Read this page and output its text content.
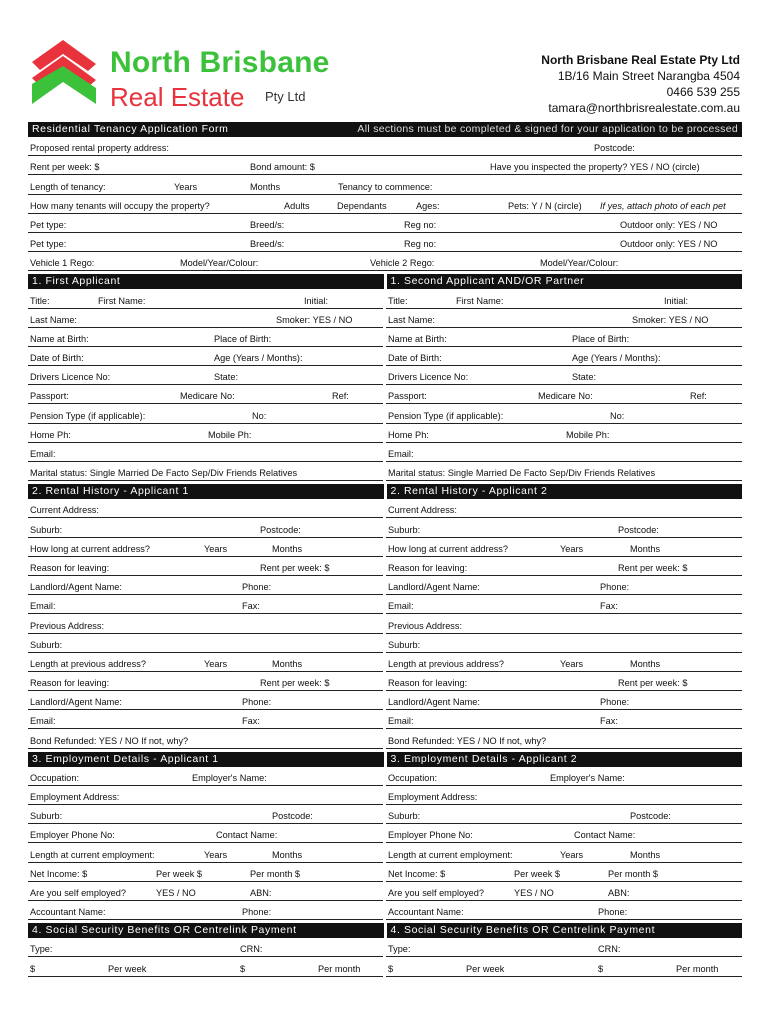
North Brisbane
Real Estate Pty Ltd
North Brisbane Real Estate Pty Ltd
1B/16 Main Street Narangba 4504
0466 539 255
tamara@northbrisrealestate.com.au
Residential Tenancy Application Form	All sections must be completed & signed for your application to be processed
Proposed rental property address:	Postcode:
Rent per week: $	Bond amount: $	Have you inspected the property? YES / NO (circle)
Length of tenancy:	Years	Months	Tenancy to commence:
How many tenants will occupy the property?	Adults	Dependants	Ages:	Pets: Y / N (circle) If yes, attach photo of each pet
Pet type:	Breed/s:	Reg no:	Outdoor only: YES / NO
Pet type:	Breed/s:	Reg no:	Outdoor only: YES / NO
Vehicle 1 Rego:	Model/Year/Colour:	Vehicle 2 Rego:	Model/Year/Colour:
1. First Applicant	1. Second Applicant AND/OR Partner
Title:	First Name:	Initial:
Last Name:	Smoker: YES / NO
Name at Birth:	Place of Birth:
Date of Birth:	Age (Years / Months):
Drivers Licence No:	State:
Passport:	Medicare No:	Ref:
Pension Type (if applicable):	No:
Home Ph:	Mobile Ph:
Email:
Marital status: Single Married De Facto Sep/Div Friends Relatives
Title:	First Name:	Initial:
Last Name:	Smoker: YES / NO
Name at Birth:	Place of Birth:
Date of Birth:	Age (Years / Months):
Drivers Licence No:	State:
Passport:	Medicare No:	Ref:
Pension Type (if applicable):	No:
Home Ph:	Mobile Ph:
Email:
Marital status: Single Married De Facto Sep/Div Friends Relatives
2. Rental History - Applicant 1	2. Rental History - Applicant 2
Current Address:
Suburb:	Postcode:
How long at current address?	Years	Months
Reason for leaving:	Rent per week: $
Landlord/Agent Name:	Phone:
Email:	Fax:
Previous Address:
Suburb:
Length at previous address?	Years	Months
Reason for leaving:	Rent per week: $
Landlord/Agent Name:	Phone:
Email:	Fax:
Bond Refunded: YES / NO If not, why?
Current Address:
Suburb:	Postcode:
How long at current address?	Years	Months
Reason for leaving:	Rent per week: $
Landlord/Agent Name:	Phone:
Email:	Fax:
Previous Address:
Suburb:
Length at previous address?	Years	Months
Reason for leaving:	Rent per week: $
Landlord/Agent Name:	Phone:
Email:	Fax:
Bond Refunded: YES / NO If not, why?
3. Employment Details - Applicant 1	3. Employment Details - Applicant 2
Occupation:	Employer's Name:
Employment Address:
Suburb:	Postcode:
Employer Phone No:	Contact Name:
Length at current employment:	Years	Months
Net Income: $	Per week $	Per month $
Are you self employed?	YES / NO	ABN:
Accountant Name:	Phone:
Occupation:	Employer's Name:
Employment Address:
Suburb:	Postcode:
Employer Phone No:	Contact Name:
Length at current employment:	Years	Months
Net Income: $	Per week $	Per month $
Are you self employed?	YES / NO	ABN:
Accountant Name:	Phone:
4. Social Security Benefits OR Centrelink Payment	4. Social Security Benefits OR Centrelink Payment
Type:	CRN:
$	Per week	$	Per month
Type:	CRN:
$	Per week	$	Per month
